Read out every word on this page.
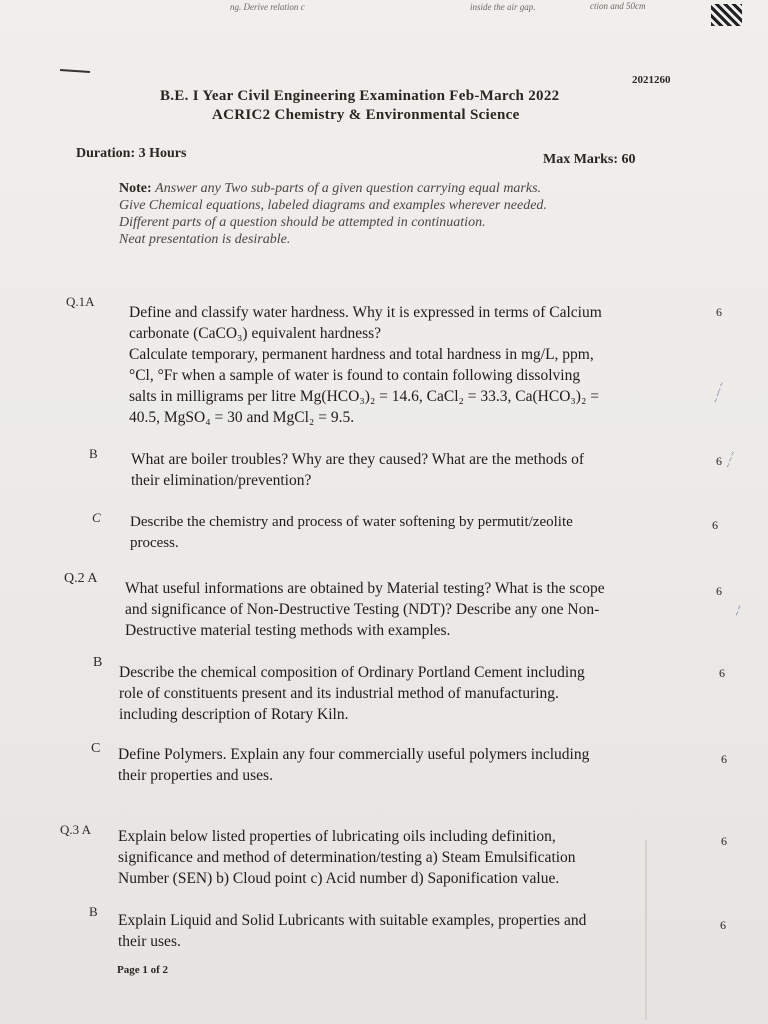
ng. Derive relation c	inside the air gap.	ction and 50cm
2021260
B.E. I Year Civil Engineering Examination Feb-March 2022
ACRIC2 Chemistry & Environmental Science
Duration: 3 Hours	Max Marks: 60
Note: Answer any Two sub-parts of a given question carrying equal marks.
Give Chemical equations, labeled diagrams and examples wherever needed.
Different parts of a question should be attempted in continuation.
Neat presentation is desirable.
Q.1A
Define and classify water hardness. Why it is expressed in terms of Calcium
carbonate (CaCO₃) equivalent hardness?
Calculate temporary, permanent hardness and total hardness in mg/L, ppm,
°Cl, °Fr when a sample of water is found to contain following dissolving
salts in milligrams per litre Mg(HCO₃)₂ = 14.6, CaCl₂ = 33.3, Ca(HCO₃)₂ =
40.5, MgSO₄ = 30 and MgCl₂ = 9.5.
6
B What are boiler troubles? Why are they caused? What are the methods of
their elimination/prevention?
6
C Describe the chemistry and process of water softening by permutit/zeolite
process.
6
Q.2 A
What useful informations are obtained by Material testing? What is the scope
and significance of Non-Destructive Testing (NDT)? Describe any one Non-
Destructive material testing methods with examples.
6
B
Describe the chemical composition of Ordinary Portland Cement including
role of constituents present and its industrial method of manufacturing.
including description of Rotary Kiln.
6
C Define Polymers. Explain any four commercially useful polymers including
their properties and uses.
6
Q.3 A Explain below listed properties of lubricating oils including definition,
significance and method of determination/testing a) Steam Emulsification
Number (SEN) b) Cloud point c) Acid number d) Saponification value.
6
B
Explain Liquid and Solid Lubricants with suitable examples, properties and
their uses.
6
Page 1 of 2
~ ~~ ~
~ ~ ~
~ ~
